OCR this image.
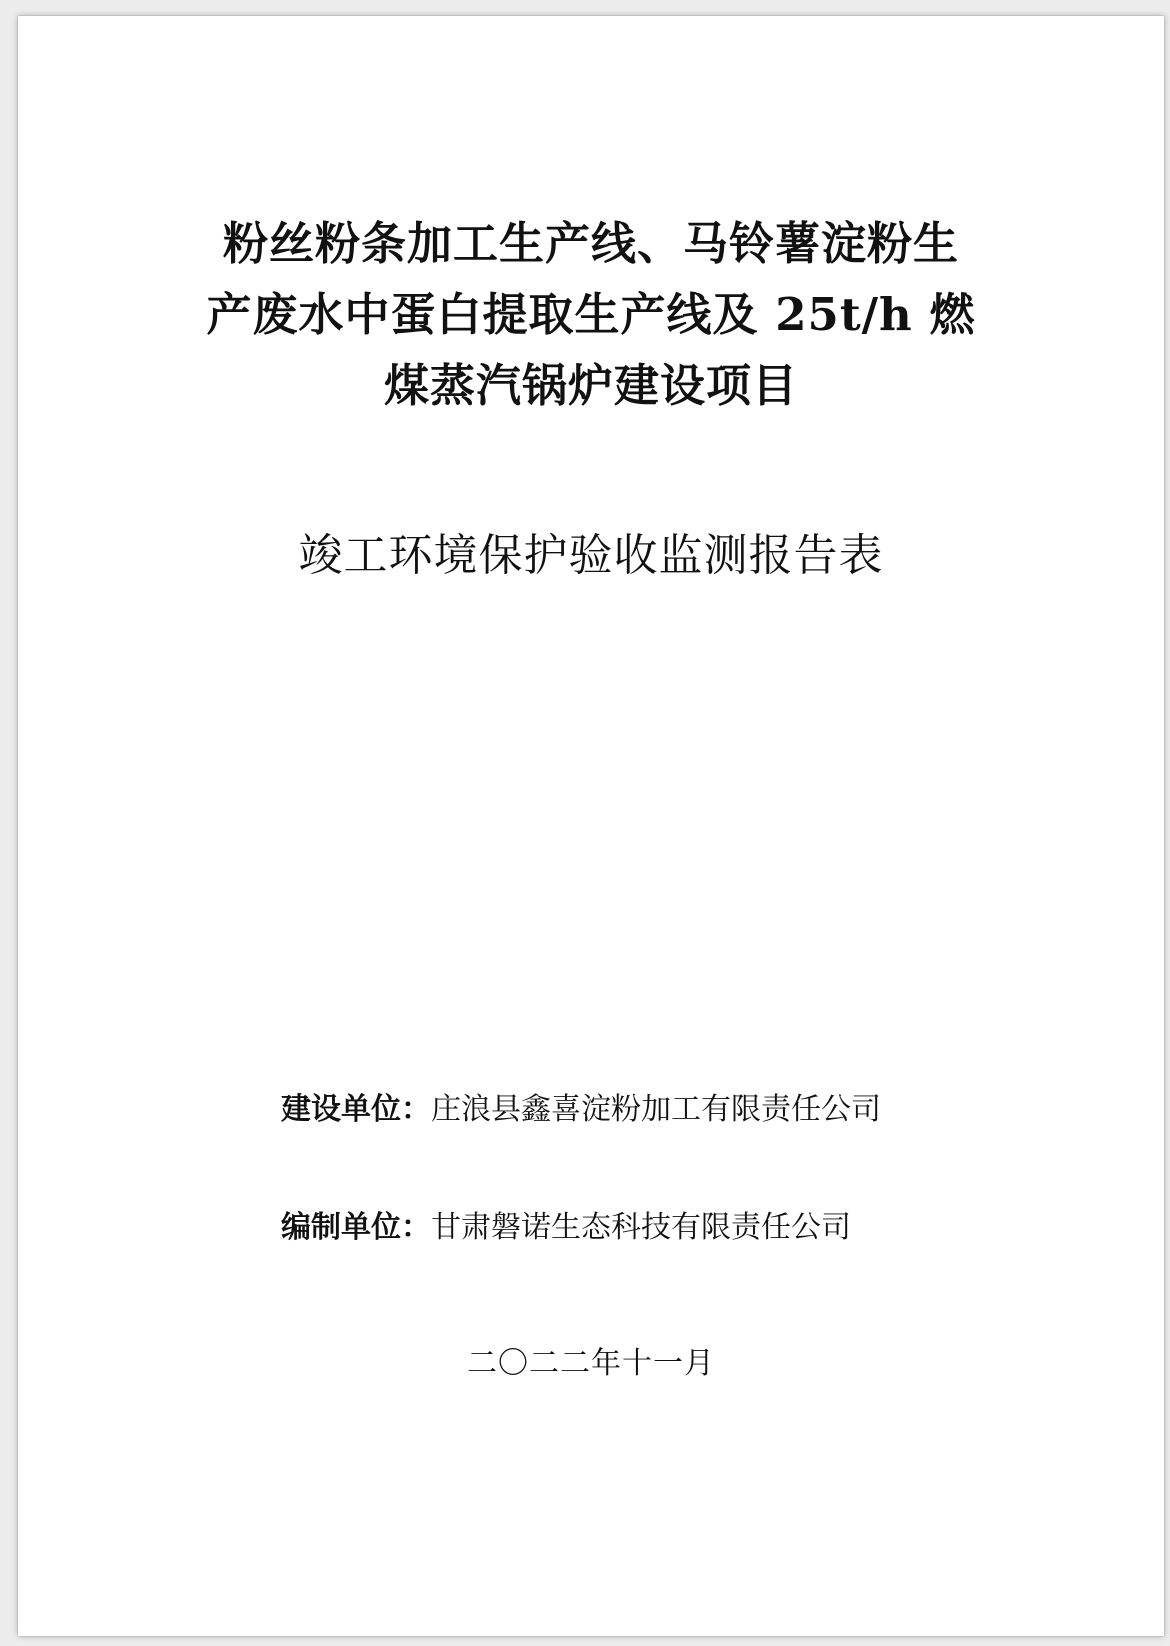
粉丝粉条加工生产线、马铃薯淀粉生
产废水中蛋白提取生产线及 25t/h 燃
煤蒸汽锅炉建设项目
竣工环境保护验收监测报告表
建设单位：庄浪县鑫喜淀粉加工有限责任公司
编制单位：甘肃磐诺生态科技有限责任公司
二〇二二年十一月
